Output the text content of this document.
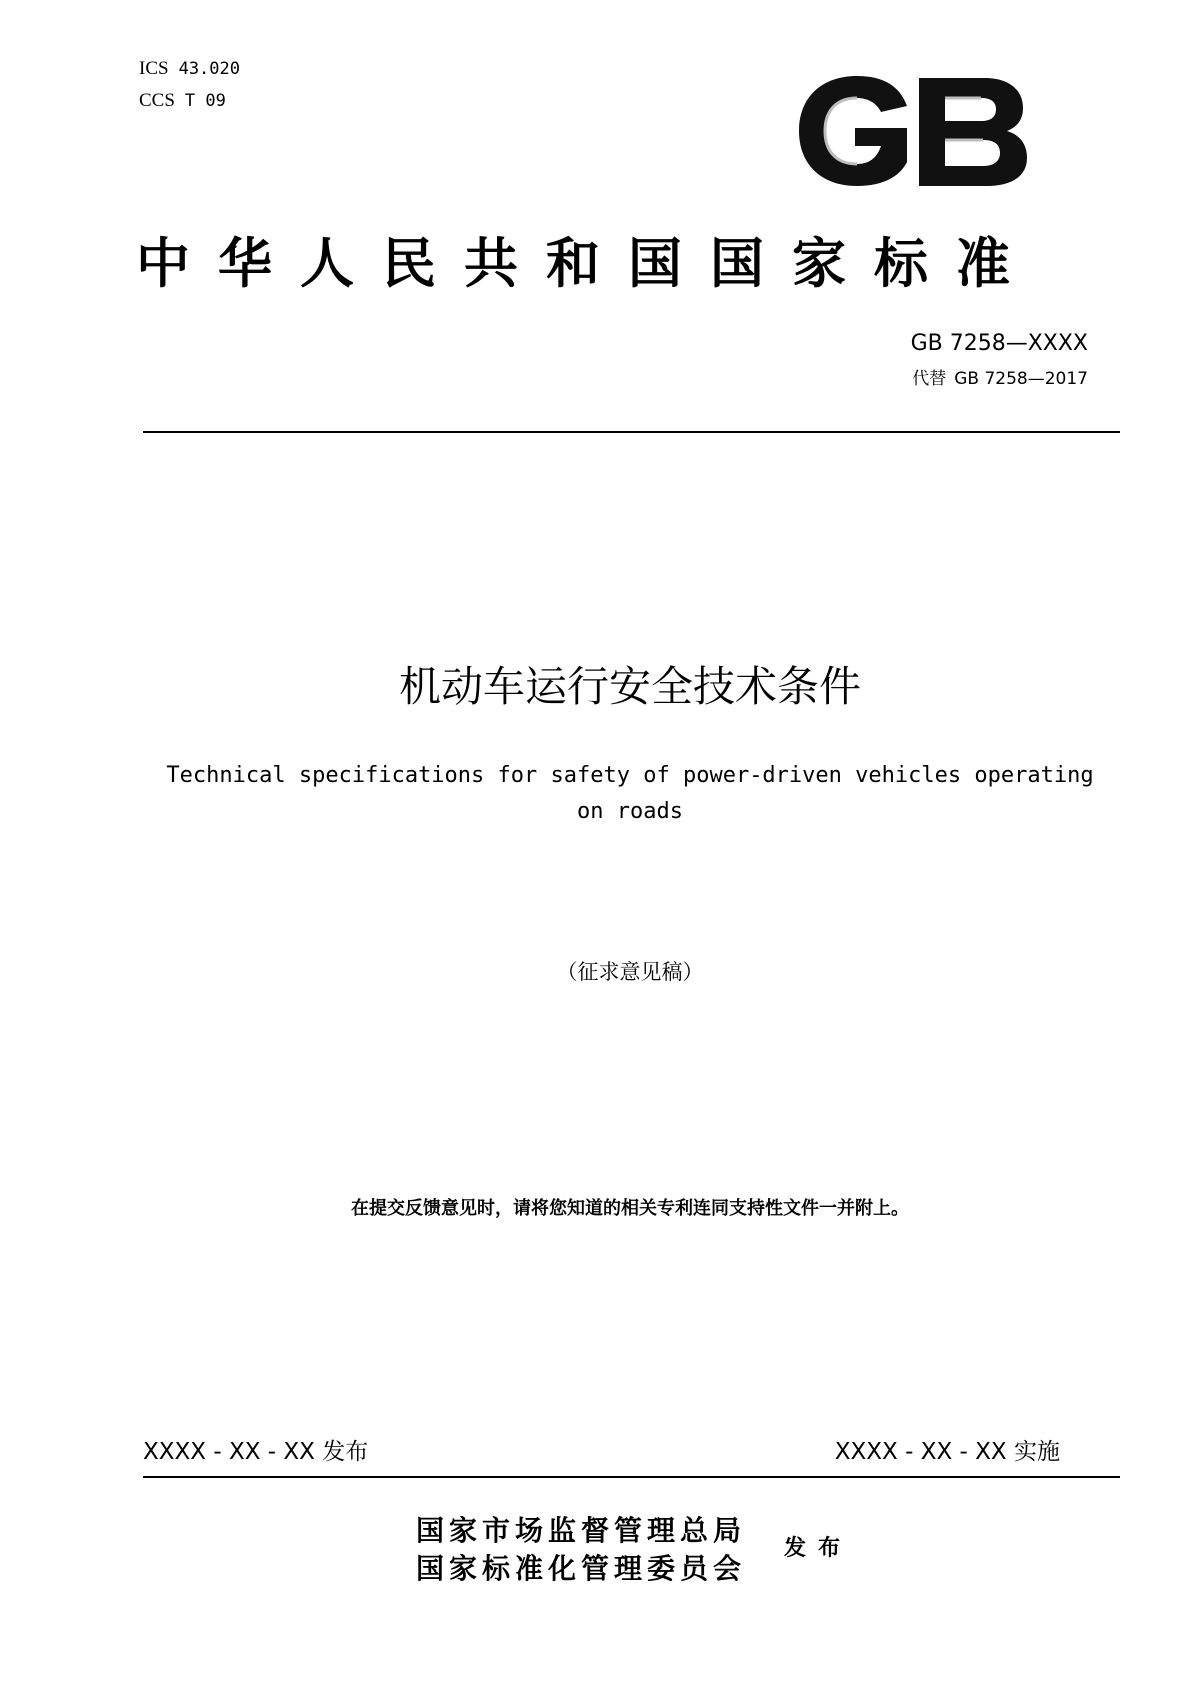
ICS 43.020
CCS T 09
中华人民共和国国家标准
GB 7258—XXXX
代替 GB 7258—2017
机动车运行安全技术条件
Technical specifications for safety of power-driven vehicles operating
on roads
（征求意见稿）
在提交反馈意见时，请将您知道的相关专利连同支持性文件一并附上。
XXXX - XX - XX 发布	XXXX - XX - XX 实施
国家市场监督管理总局
国家标准化管理委员会
发布
